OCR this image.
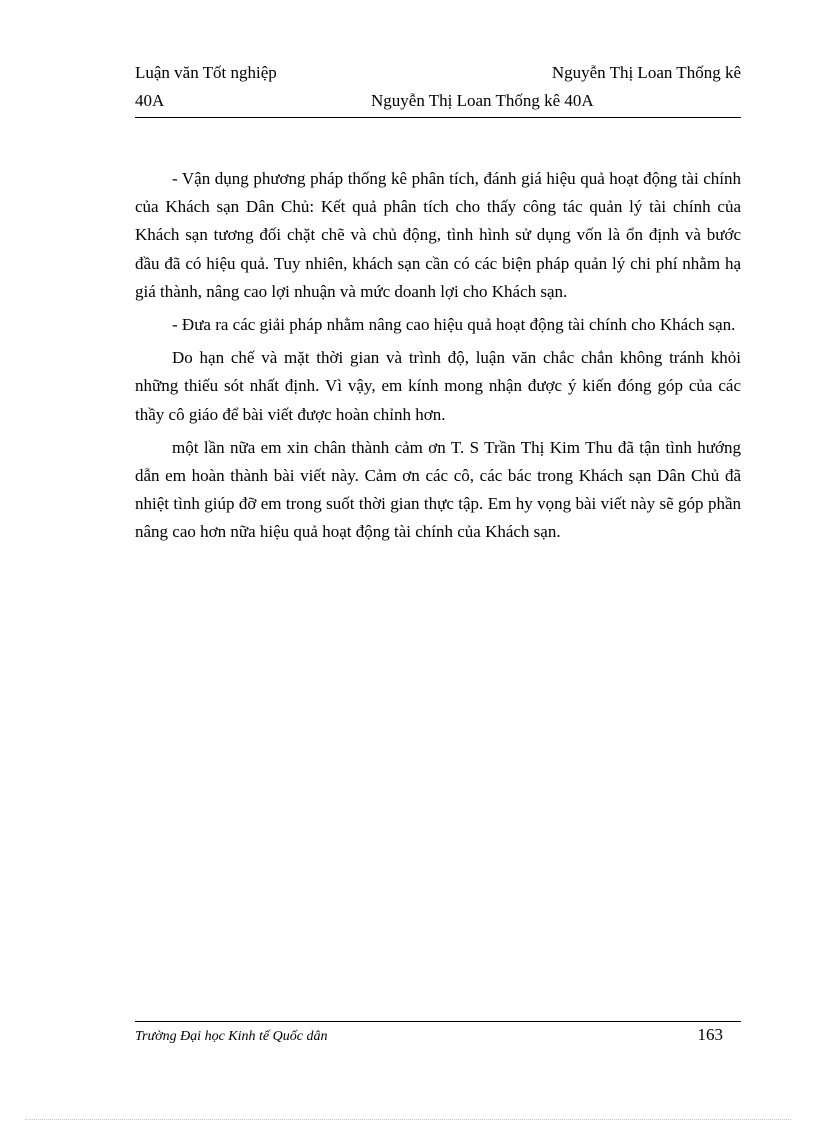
Luận văn Tốt nghiệp	Nguyễn Thị Loan Thống kê
40A	Nguyễn Thị Loan Thống kê 40A

- Vận dụng phương pháp thống kê phân tích, đánh giá hiệu quả hoạt động tài chính của Khách sạn Dân Chủ: Kết quả phân tích cho thấy công tác quản lý tài chính của Khách sạn tương đối chặt chẽ và chủ động, tình hình sử dụng vốn là ổn định và bước đầu đã có hiệu quả. Tuy nhiên, khách sạn cần có các biện pháp quản lý chi phí nhằm hạ giá thành, nâng cao lợi nhuận và mức doanh lợi cho Khách sạn.

- Đưa ra các giải pháp nhằm nâng cao hiệu quả hoạt động tài chính cho Khách sạn.

Do hạn chế và mặt thời gian và trình độ, luận văn chắc chắn không tránh khỏi những thiếu sót nhất định. Vì vậy, em kính mong nhận được ý kiến đóng góp của các thầy cô giáo để bài viết được hoàn chỉnh hơn.

một lần nữa em xin chân thành cảm ơn T. S Trần Thị Kim Thu đã tận tình hướng dẫn em hoàn thành bài viết này. Cảm ơn các cô, các bác trong Khách sạn Dân Chủ đã nhiệt tình giúp đỡ em trong suốt thời gian thực tập. Em hy vọng bài viết này sẽ góp phần nâng cao hơn nữa hiệu quả hoạt động tài chính của Khách sạn.

Trường Đại học Kinh tế Quốc dân	163
